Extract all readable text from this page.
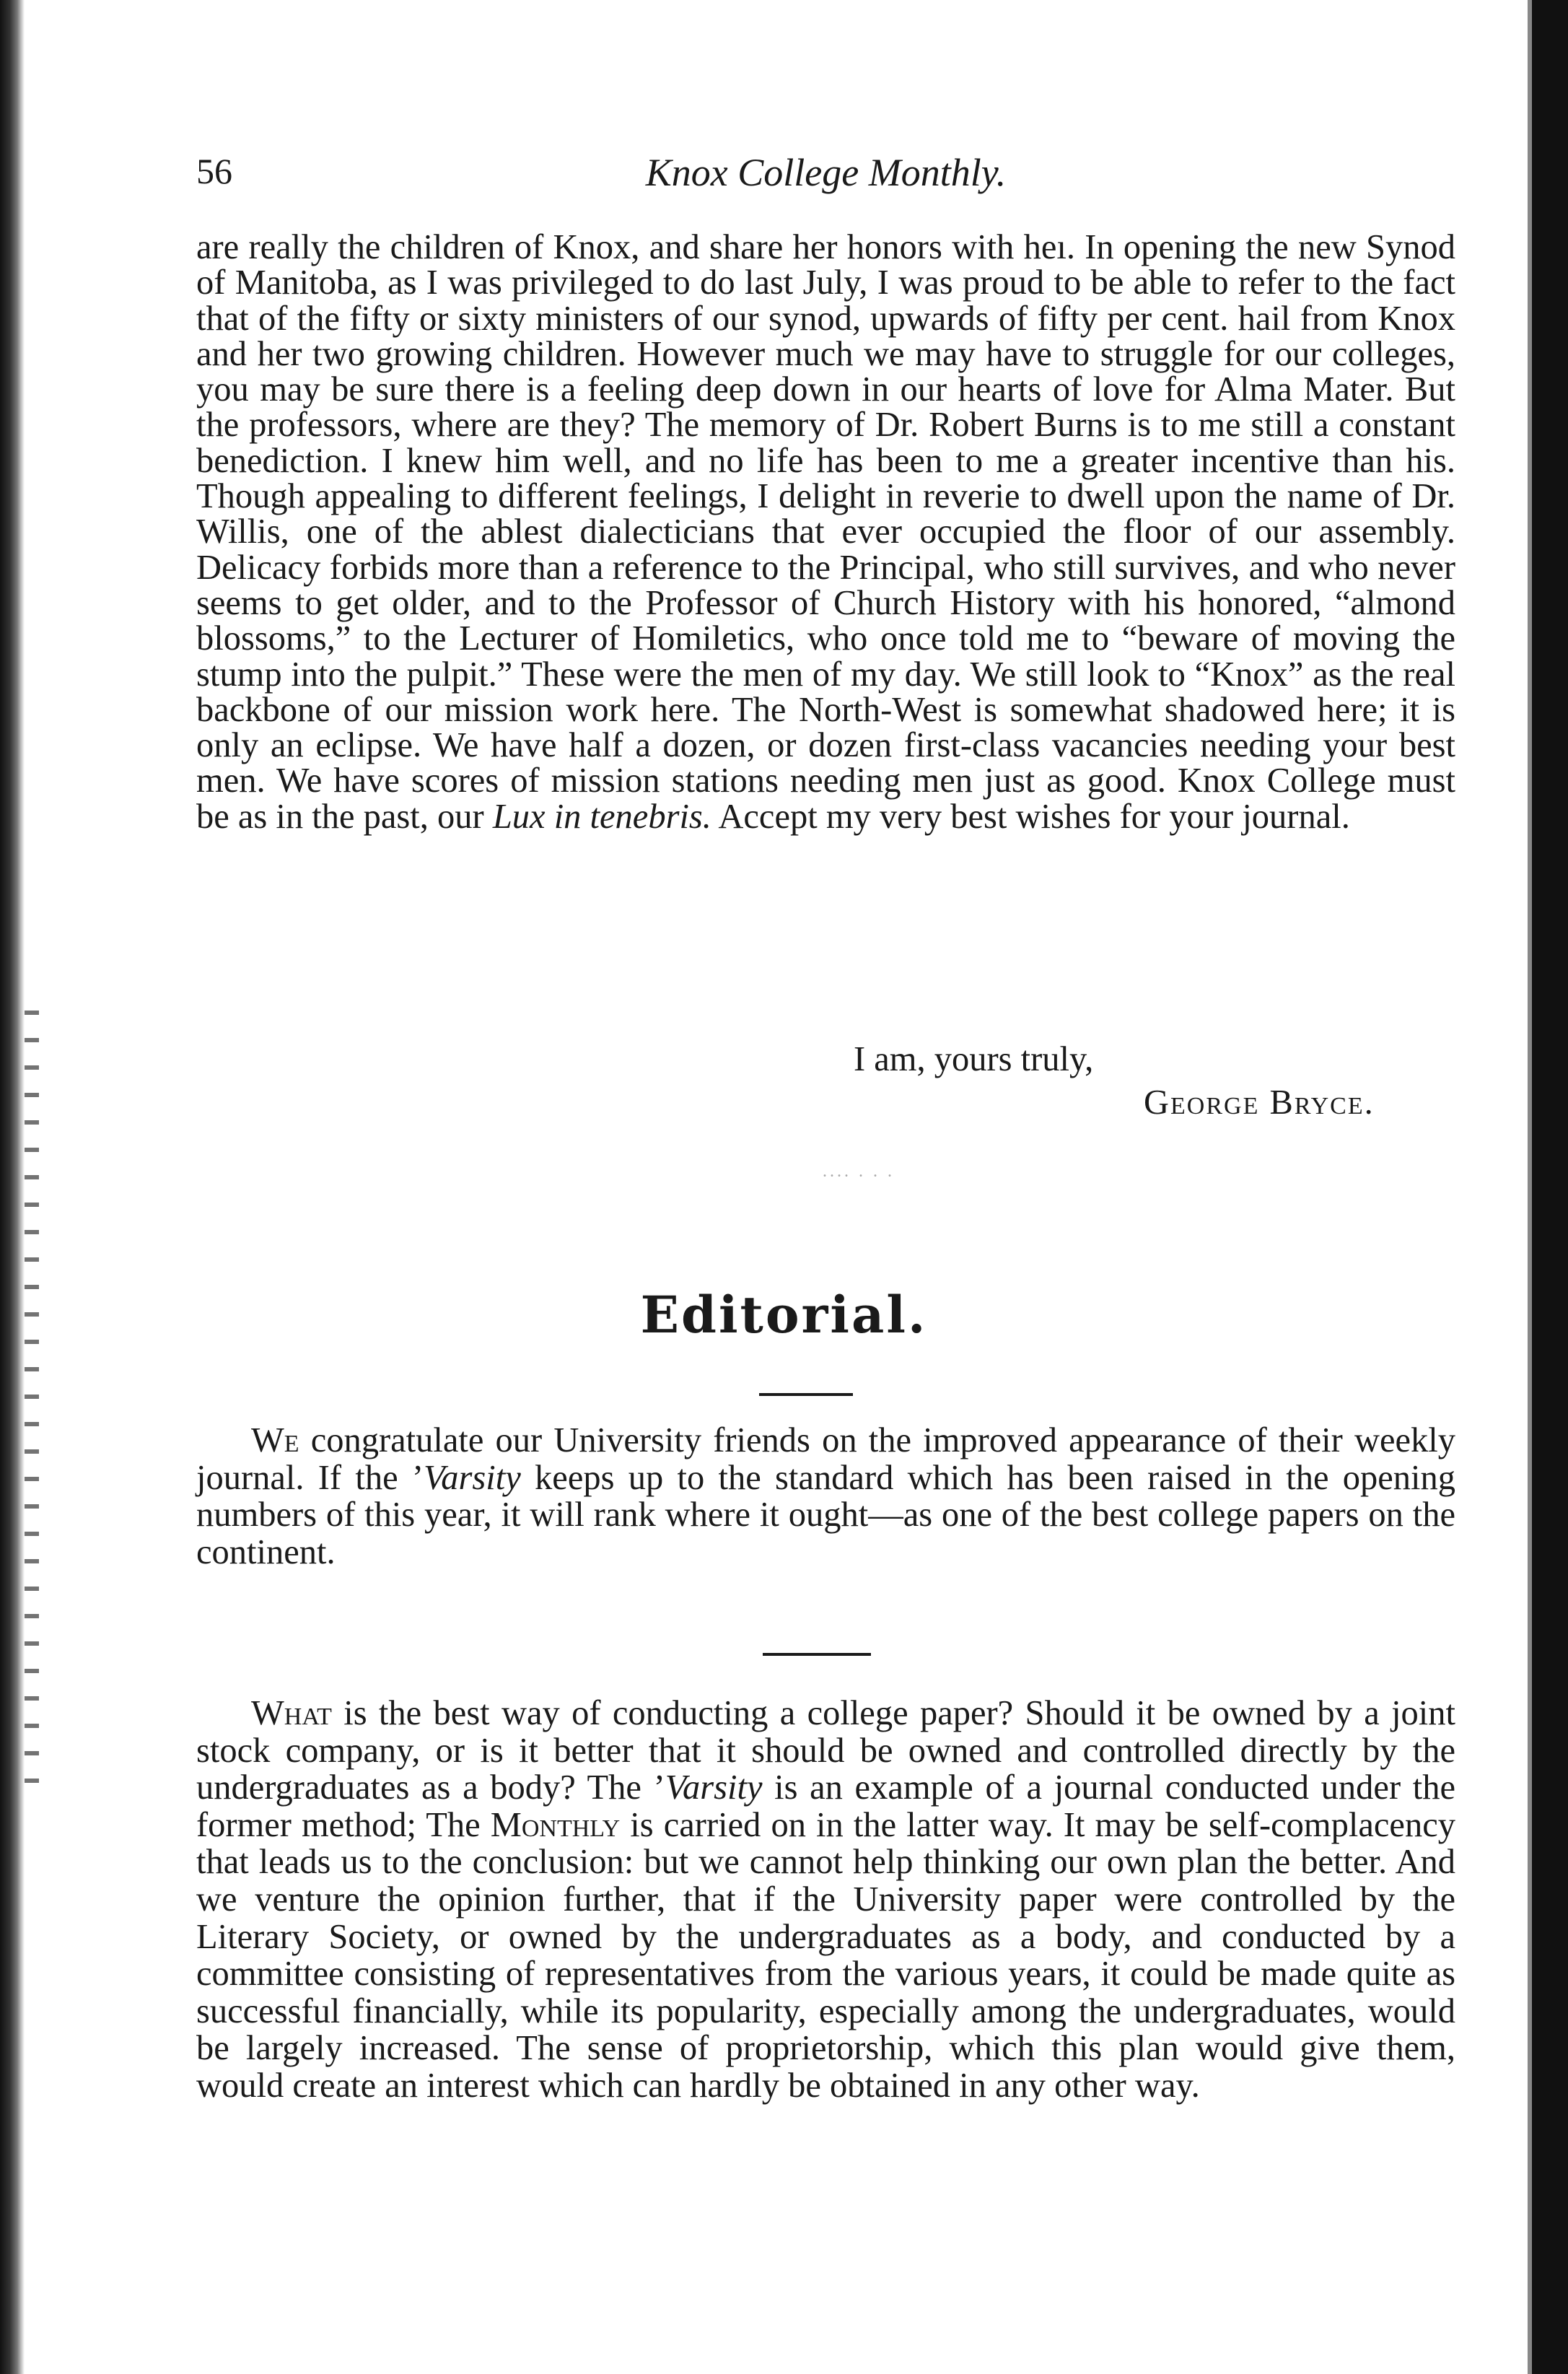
56	Knox College Monthly.

are really the children of Knox, and share her honors with heı. In opening the new Synod of Manitoba, as I was privileged to do last July, I was proud to be able to refer to the fact that of the fifty or sixty ministers of our synod, upwards of fifty per cent. hail from Knox and her two growing children. However much we may have to struggle for our colleges, you may be sure there is a feeling deep down in our hearts of love for Alma Mater. But the professors, where are they? The memory of Dr. Robert Burns is to me still a constant benediction. I knew him well, and no life has been to me a greater incentive than his. Though appealing to different feelings, I delight in reverie to dwell upon the name of Dr. Willis, one of the ablest dialecticians that ever occupied the floor of our assembly. Delicacy forbids more than a reference to the Principal, who still survives, and who never seems to get older, and to the Professor of Church History with his honored, “almond blossoms,” to the Lecturer of Homiletics, who once told me to “beware of moving the stump into the pulpit.” These were the men of my day. We still look to “Knox” as the real backbone of our mission work here. The North-West is somewhat shadowed here; it is only an eclipse. We have half a dozen, or dozen first-class vacancies needing your best men. We have scores of mission stations needing men just as good. Knox College must be as in the past, our Lux in tenebris. Accept my very best wishes for your journal.

I am, yours truly,
George Bryce.
.... . . .
Editorial.

We congratulate our University friends on the improved appearance of their weekly journal. If the ’Varsity keeps up to the standard which has been raised in the opening numbers of this year, it will rank where it ought—as one of the best college papers on the continent.

What is the best way of conducting a college paper? Should it be owned by a joint stock company, or is it better that it should be owned and controlled directly by the undergraduates as a body? The ’Varsity is an example of a journal conducted under the former method; The Monthly is carried on in the latter way. It may be self-complacency that leads us to the conclusion: but we cannot help thinking our own plan the better. And we venture the opinion further, that if the University paper were controlled by the Literary Society, or owned by the undergraduates as a body, and conducted by a committee consisting of representatives from the various years, it could be made quite as successful financially, while its popularity, especially among the undergraduates, would be largely increased. The sense of proprietorship, which this plan would give them, would create an interest which can hardly be obtained in any other way.
